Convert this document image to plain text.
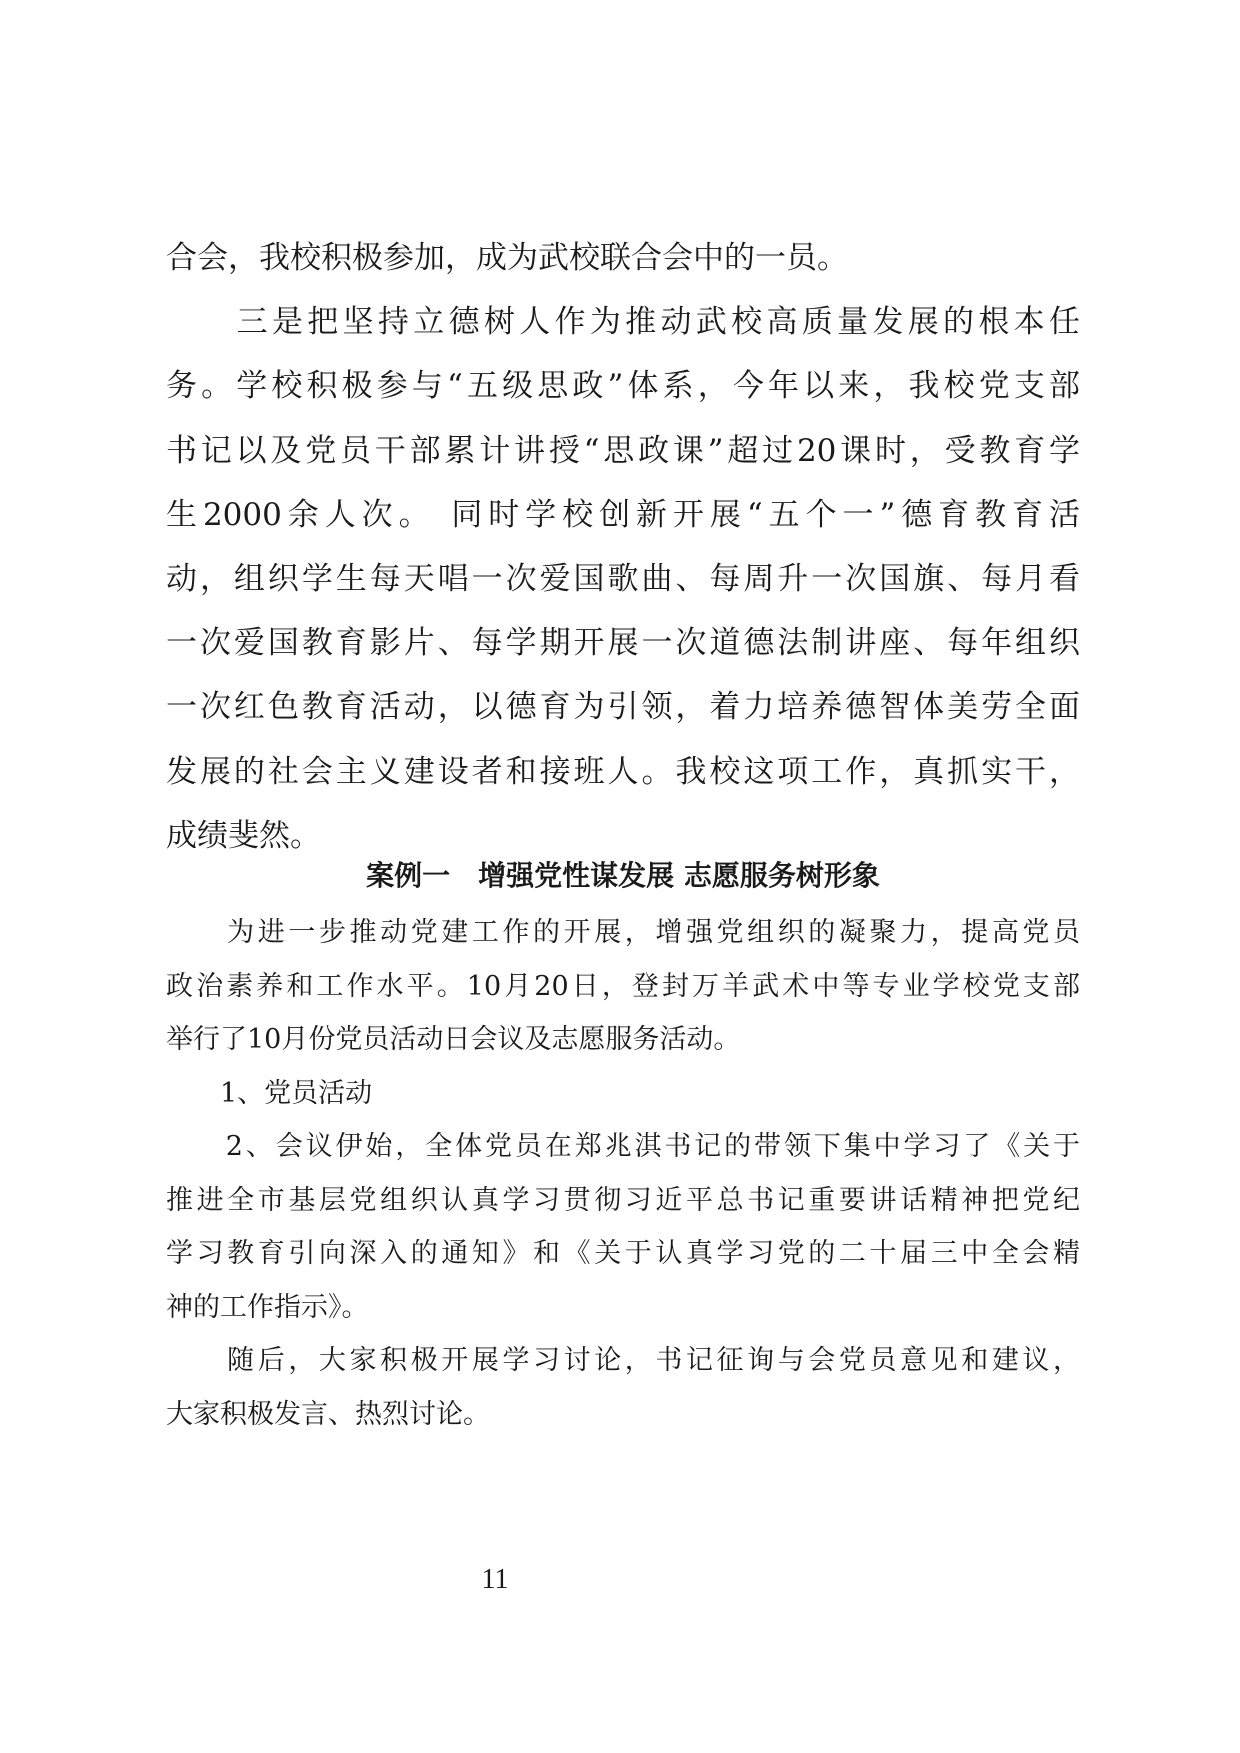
合会，我校积极参加，成为武校联合会中的一员。
　　三是把坚持立德树人作为推动武校高质量发展的根本任
务。学校积极参与“五级思政”体系，今年以来，我校党支部
书记以及党员干部累计讲授“思政课”超过20课时，受教育学
生2000余人次。 同时学校创新开展“五个一”德育教育活
动，组织学生每天唱一次爱国歌曲、每周升一次国旗、每月看
一次爱国教育影片、每学期开展一次道德法制讲座、每年组织
一次红色教育活动，以德育为引领，着力培养德智体美劳全面
发展的社会主义建设者和接班人。我校这项工作，真抓实干，
成绩斐然。
案例一　增强党性谋发展 志愿服务树形象
　　为进一步推动党建工作的开展，增强党组织的凝聚力，提高党员
政治素养和工作水平。10月20日，登封万羊武术中等专业学校党支部
举行了10月份党员活动日会议及志愿服务活动。
　　1、党员活动
　　2、会议伊始，全体党员在郑兆淇书记的带领下集中学习了《关于
推进全市基层党组织认真学习贯彻习近平总书记重要讲话精神把党纪
学习教育引向深入的通知》和《关于认真学习党的二十届三中全会精
神的工作指示》。
　　随后，大家积极开展学习讨论，书记征询与会党员意见和建议，
大家积极发言、热烈讨论。
11
